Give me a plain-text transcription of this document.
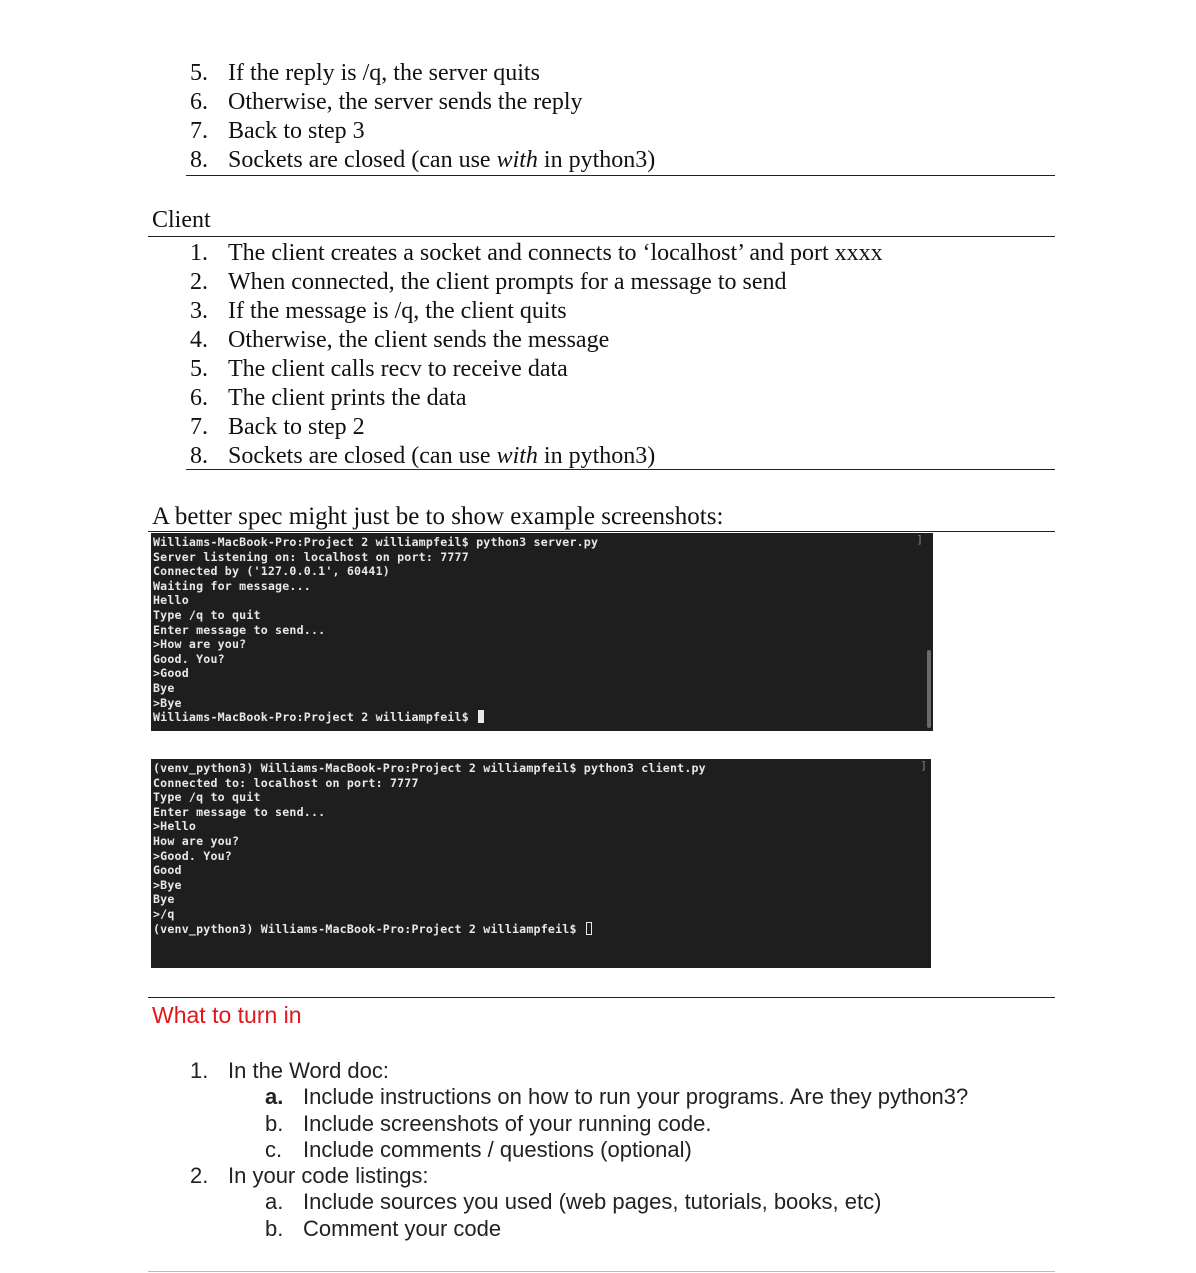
5. If the reply is /q, the server quits
6. Otherwise, the server sends the reply
7. Back to step 3
8. Sockets are closed (can use with in python3)
Client
1. The client creates a socket and connects to ‘localhost’ and port xxxx
2. When connected, the client prompts for a message to send
3. If the message is /q, the client quits
4. Otherwise, the client sends the message
5. The client calls recv to receive data
6. The client prints the data
7. Back to step 2
8. Sockets are closed (can use with in python3)
A better spec might just be to show example screenshots:
Williams-MacBook-Pro:Project 2 williampfeil$ python3 server.py
Server listening on: localhost on port: 7777
Connected by ('127.0.0.1', 60441)
Waiting for message...
Hello
Type /q to quit
Enter message to send...
>How are you?
Good. You?
>Good
Bye
>Bye
Williams-MacBook-Pro:Project 2 williampfeil$
]
(venv_python3) Williams-MacBook-Pro:Project 2 williampfeil$ python3 client.py
Connected to: localhost on port: 7777
Type /q to quit
Enter message to send...
>Hello
How are you?
>Good. You?
Good
>Bye
Bye
>/q
(venv_python3) Williams-MacBook-Pro:Project 2 williampfeil$
]
What to turn in
1. In the Word doc:
a. Include instructions on how to run your programs. Are they python3?
b. Include screenshots of your running code.
c. Include comments / questions (optional)
2. In your code listings:
a. Include sources you used (web pages, tutorials, books, etc)
b. Comment your code
